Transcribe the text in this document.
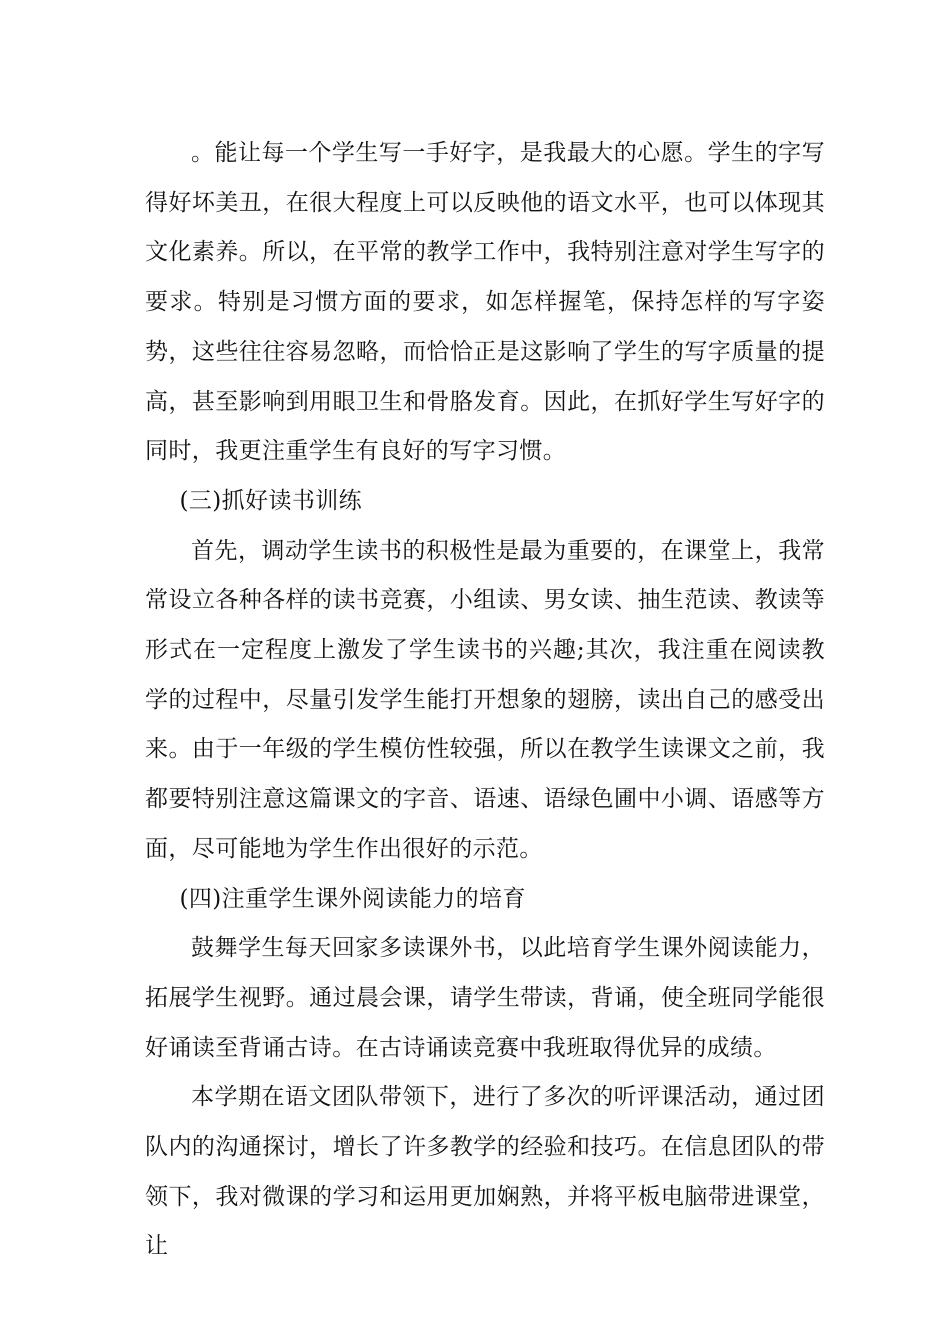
。能让每一个学生写一手好字，是我最大的心愿。学生的字写得好坏美丑，在很大程度上可以反映他的语文水平，也可以体现其文化素养。所以，在平常的教学工作中，我特别注意对学生写字的要求。特别是习惯方面的要求，如怎样握笔，保持怎样的写字姿势，这些往往容易忽略，而恰恰正是这影响了学生的写字质量的提高，甚至影响到用眼卫生和骨胳发育。因此，在抓好学生写好字的同时，我更注重学生有良好的写字习惯。

(三)抓好读书训练

首先，调动学生读书的积极性是最为重要的，在课堂上，我常常设立各种各样的读书竞赛，小组读、男女读、抽生范读、教读等形式在一定程度上激发了学生读书的兴趣;其次，我注重在阅读教学的过程中，尽量引发学生能打开想象的翅膀，读出自己的感受出来。由于一年级的学生模仿性较强，所以在教学生读课文之前，我都要特别注意这篇课文的字音、语速、语绿色圃中小调、语感等方面，尽可能地为学生作出很好的示范。

(四)注重学生课外阅读能力的培育

鼓舞学生每天回家多读课外书，以此培育学生课外阅读能力，拓展学生视野。通过晨会课，请学生带读，背诵，使全班同学能很好诵读至背诵古诗。在古诗诵读竞赛中我班取得优异的成绩。

本学期在语文团队带领下，进行了多次的听评课活动，通过团队内的沟通探讨，增长了许多教学的经验和技巧。在信息团队的带领下，我对微课的学习和运用更加娴熟，并将平板电脑带进课堂，让
